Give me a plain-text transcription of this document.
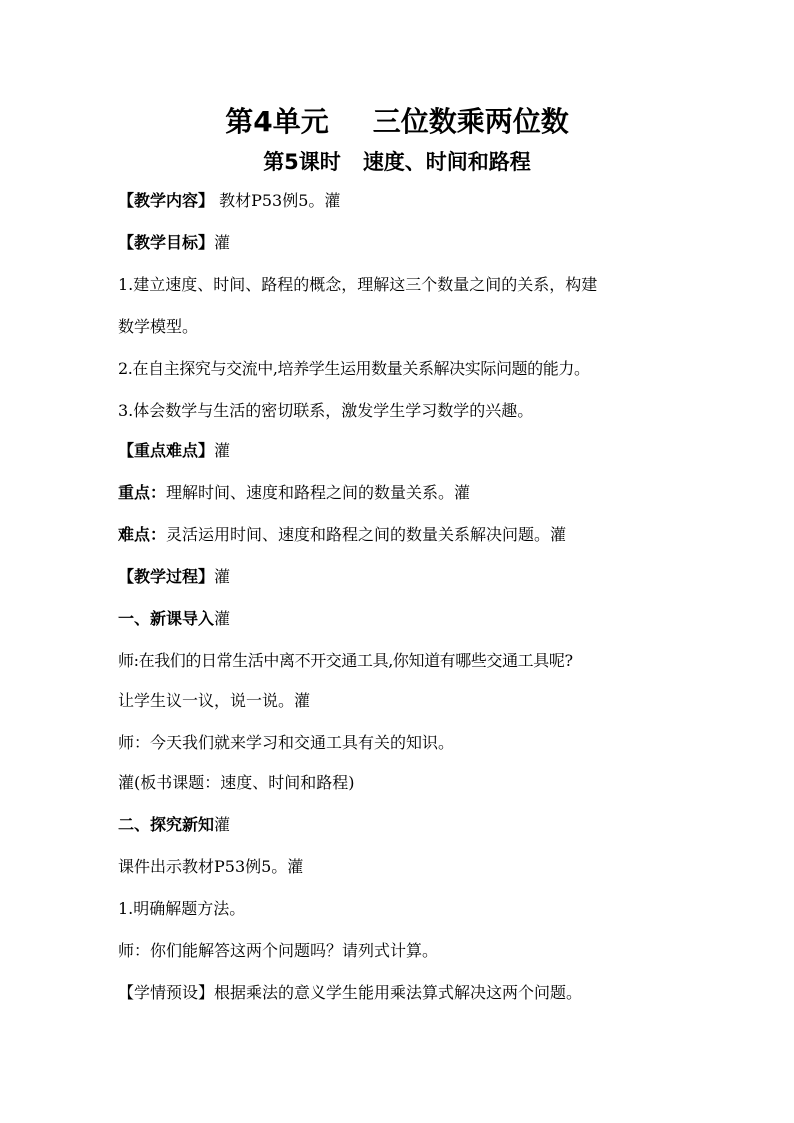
第4单元 三位数乘两位数
第5课时 速度、时间和路程
【教学内容】 教材P53例5。灌
【教学目标】灌
1.建立速度、时间、路程的概念，理解这三个数量之间的关系，构建
数学模型。
2.在自主探究与交流中,培养学生运用数量关系解决实际问题的能力。
3.体会数学与生活的密切联系，激发学生学习数学的兴趣。
【重点难点】灌
重点：理解时间、速度和路程之间的数量关系。灌
难点：灵活运用时间、速度和路程之间的数量关系解决问题。灌
【教学过程】灌
一、新课导入灌
师:在我们的日常生活中离不开交通工具,你知道有哪些交通工具呢?
让学生议一议，说一说。灌
师：今天我们就来学习和交通工具有关的知识。
灌(板书课题：速度、时间和路程)
二、探究新知灌
课件出示教材P53例5。灌
1.明确解题方法。
师：你们能解答这两个问题吗？请列式计算。
【学情预设】根据乘法的意义学生能用乘法算式解决这两个问题。
